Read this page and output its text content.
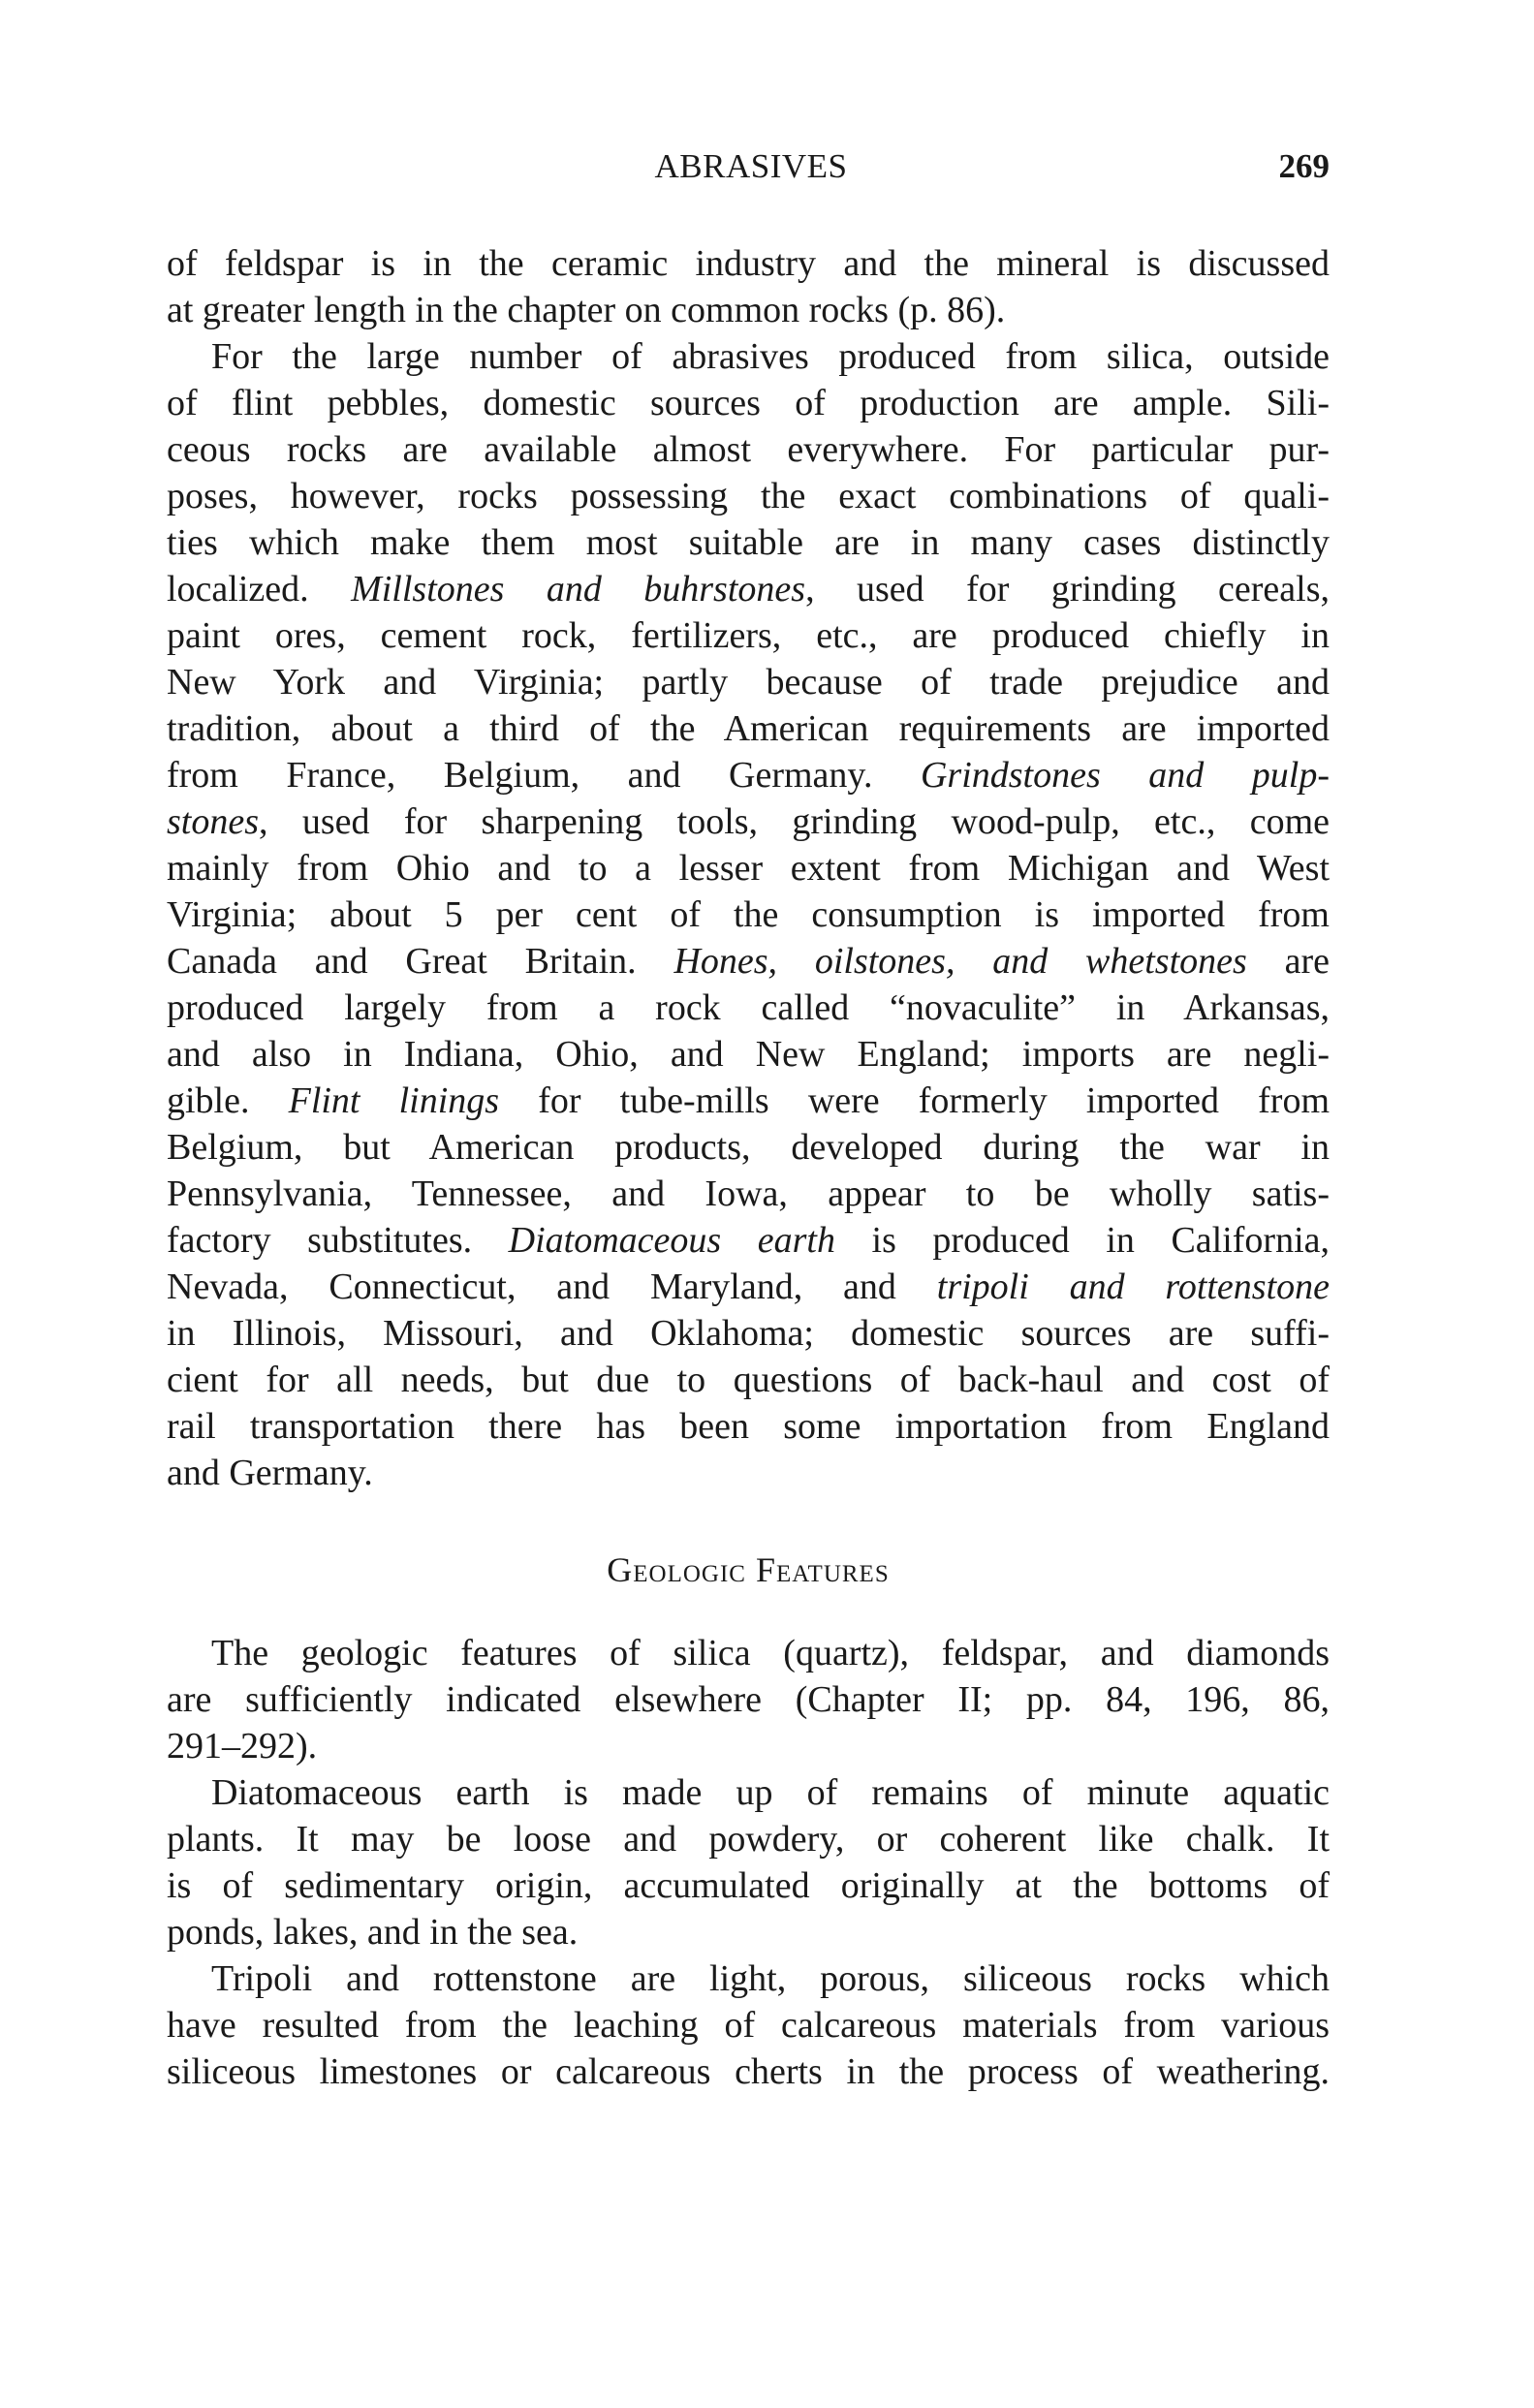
ABRASIVES	269
of feldspar is in the ceramic industry and the mineral is discussed
at greater length in the chapter on common rocks (p. 86).
For the large number of abrasives produced from silica, outside
of flint pebbles, domestic sources of production are ample. Sili-
ceous rocks are available almost everywhere. For particular pur-
poses, however, rocks possessing the exact combinations of quali-
ties which make them most suitable are in many cases distinctly
localized. Millstones and buhrstones, used for grinding cereals,
paint ores, cement rock, fertilizers, etc., are produced chiefly in
New York and Virginia; partly because of trade prejudice and
tradition, about a third of the American requirements are imported
from France, Belgium, and Germany. Grindstones and pulp-
stones, used for sharpening tools, grinding wood-pulp, etc., come
mainly from Ohio and to a lesser extent from Michigan and West
Virginia; about 5 per cent of the consumption is imported from
Canada and Great Britain. Hones, oilstones, and whetstones are
produced largely from a rock called “novaculite” in Arkansas,
and also in Indiana, Ohio, and New England; imports are negli-
gible. Flint linings for tube-mills were formerly imported from
Belgium, but American products, developed during the war in
Pennsylvania, Tennessee, and Iowa, appear to be wholly satis-
factory substitutes. Diatomaceous earth is produced in California,
Nevada, Connecticut, and Maryland, and tripoli and rottenstone
in Illinois, Missouri, and Oklahoma; domestic sources are suffi-
cient for all needs, but due to questions of back-haul and cost of
rail transportation there has been some importation from England
and Germany.
The geologic features of silica (quartz), feldspar, and diamonds
are sufficiently indicated elsewhere (Chapter II; pp. 84, 196, 86,
291–292).
Diatomaceous earth is made up of remains of minute aquatic
plants. It may be loose and powdery, or coherent like chalk. It
is of sedimentary origin, accumulated originally at the bottoms of
ponds, lakes, and in the sea.
Tripoli and rottenstone are light, porous, siliceous rocks which
have resulted from the leaching of calcareous materials from various
siliceous limestones or calcareous cherts in the process of weathering.
Geologic Features
